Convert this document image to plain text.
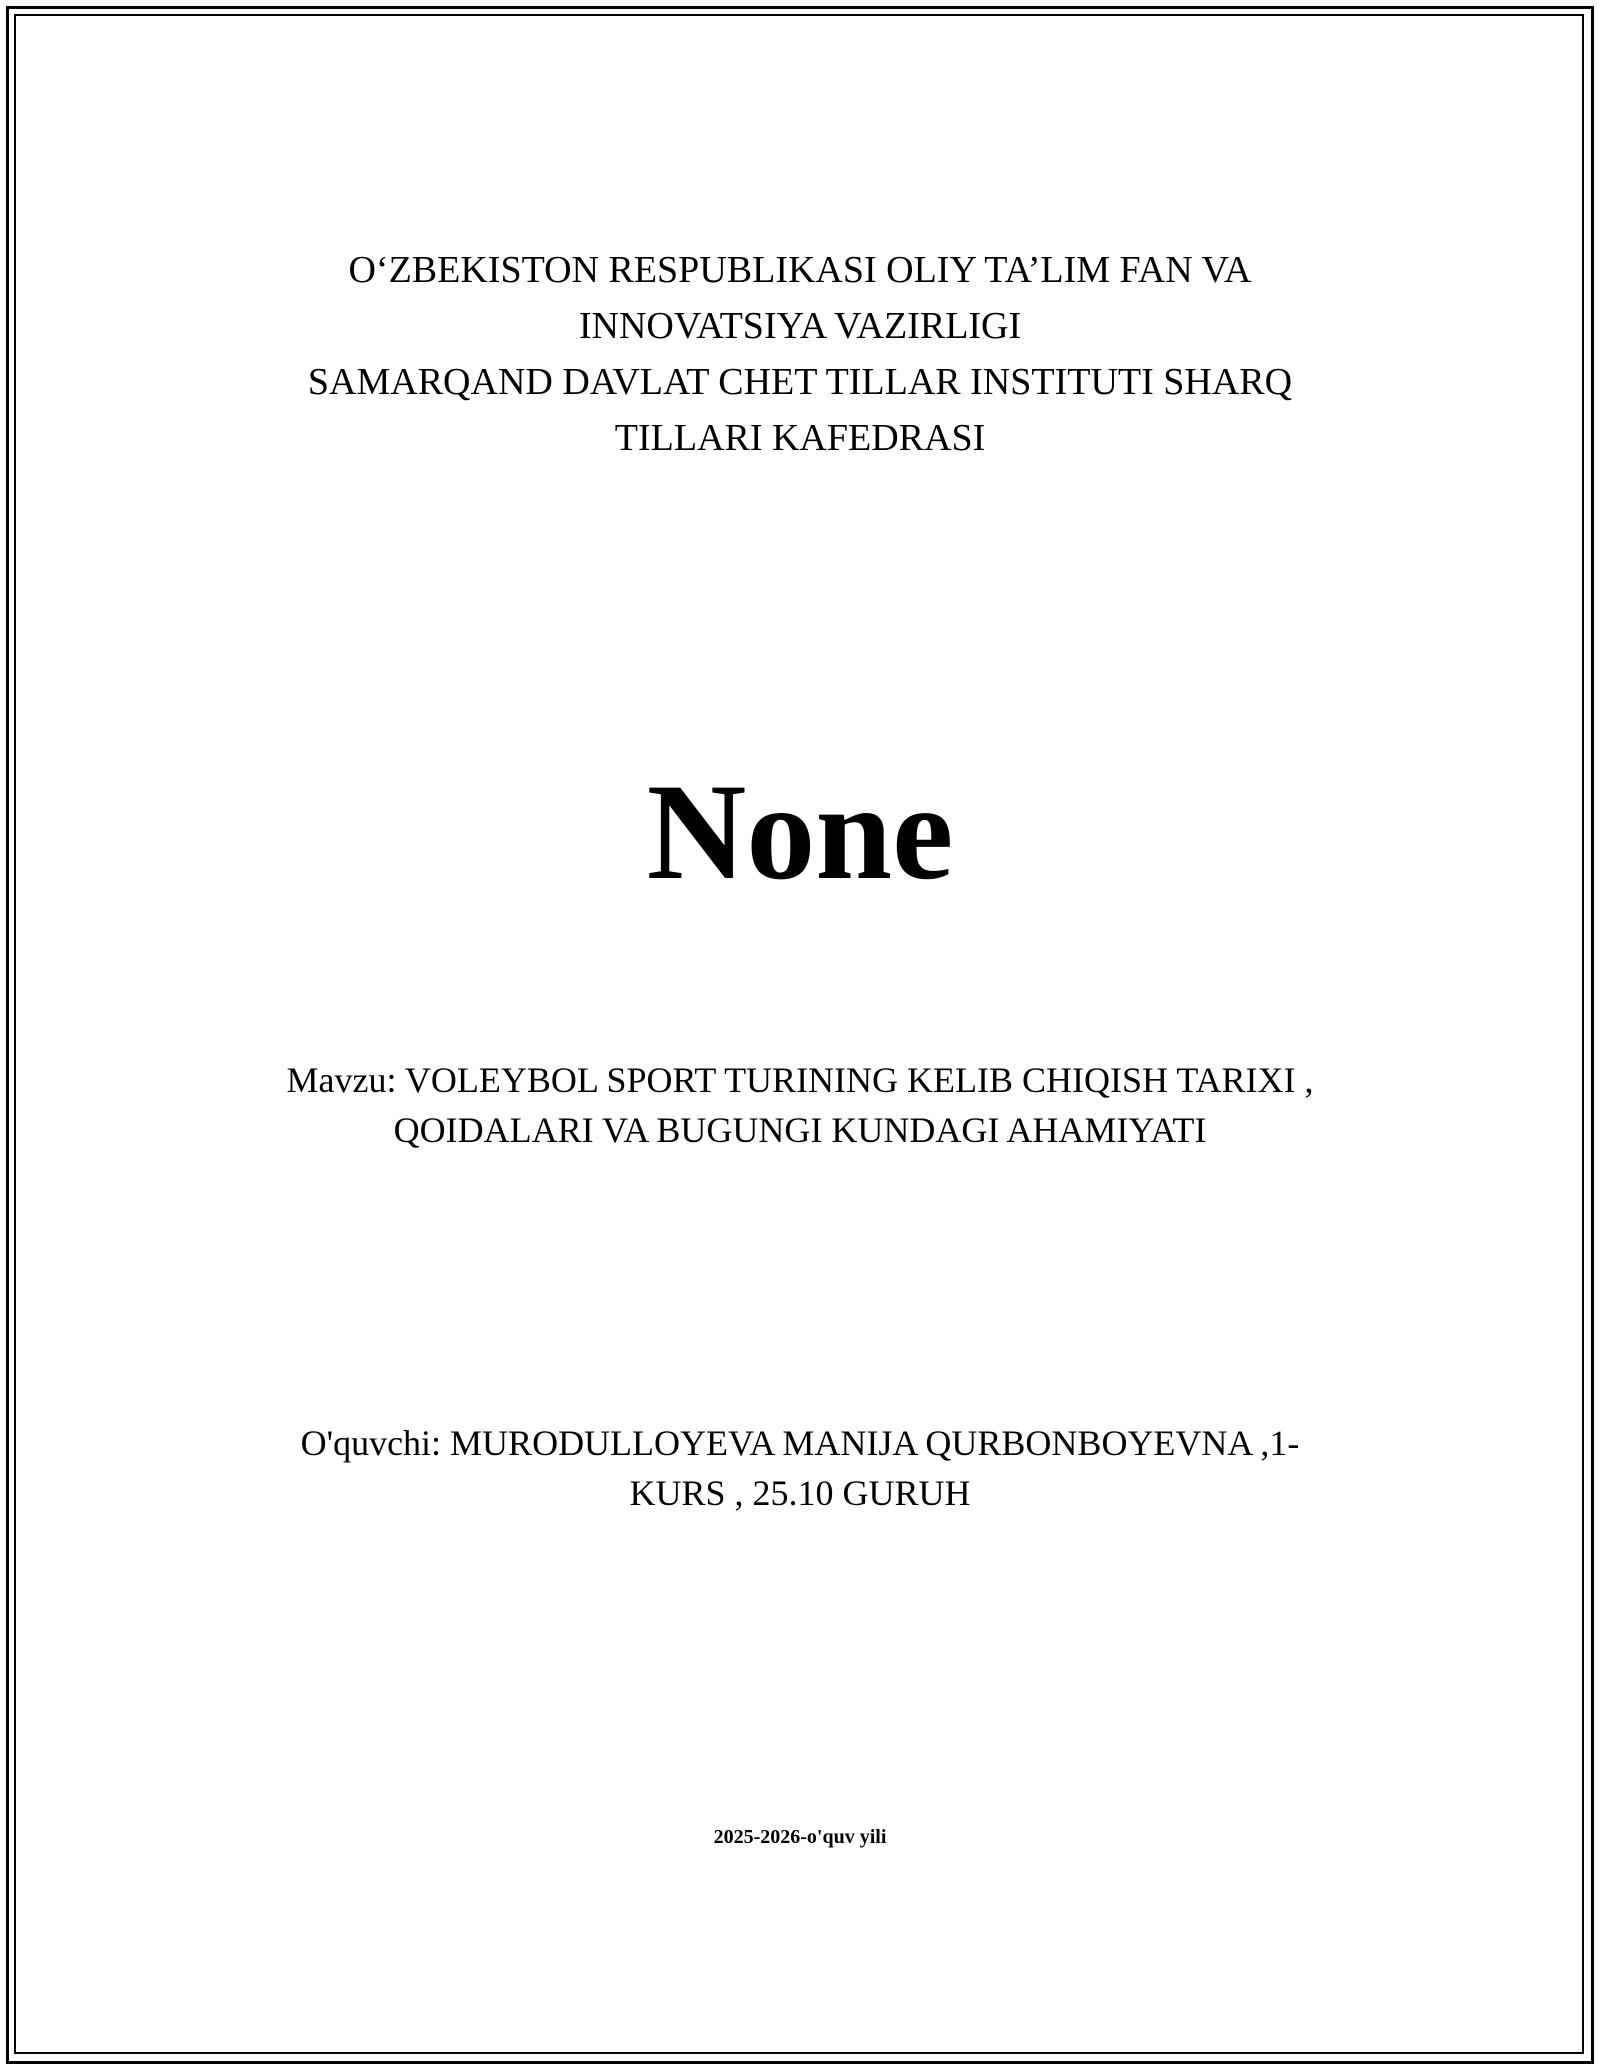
O‘ZBEKISTON RESPUBLIKASI OLIY TA’LIM FAN VA
INNOVATSIYA VAZIRLIGI
SAMARQAND DAVLAT CHET TILLAR INSTITUTI SHARQ
TILLARI KAFEDRASI
None
Mavzu: VOLEYBOL SPORT TURINING KELIB CHIQISH TARIXI ,
QOIDALARI VA BUGUNGI KUNDAGI AHAMIYATI
O'quvchi: MURODULLOYEVA MANIJA QURBONBOYEVNA ,1-
KURS , 25.10 GURUH
2025-2026-o'quv yili
